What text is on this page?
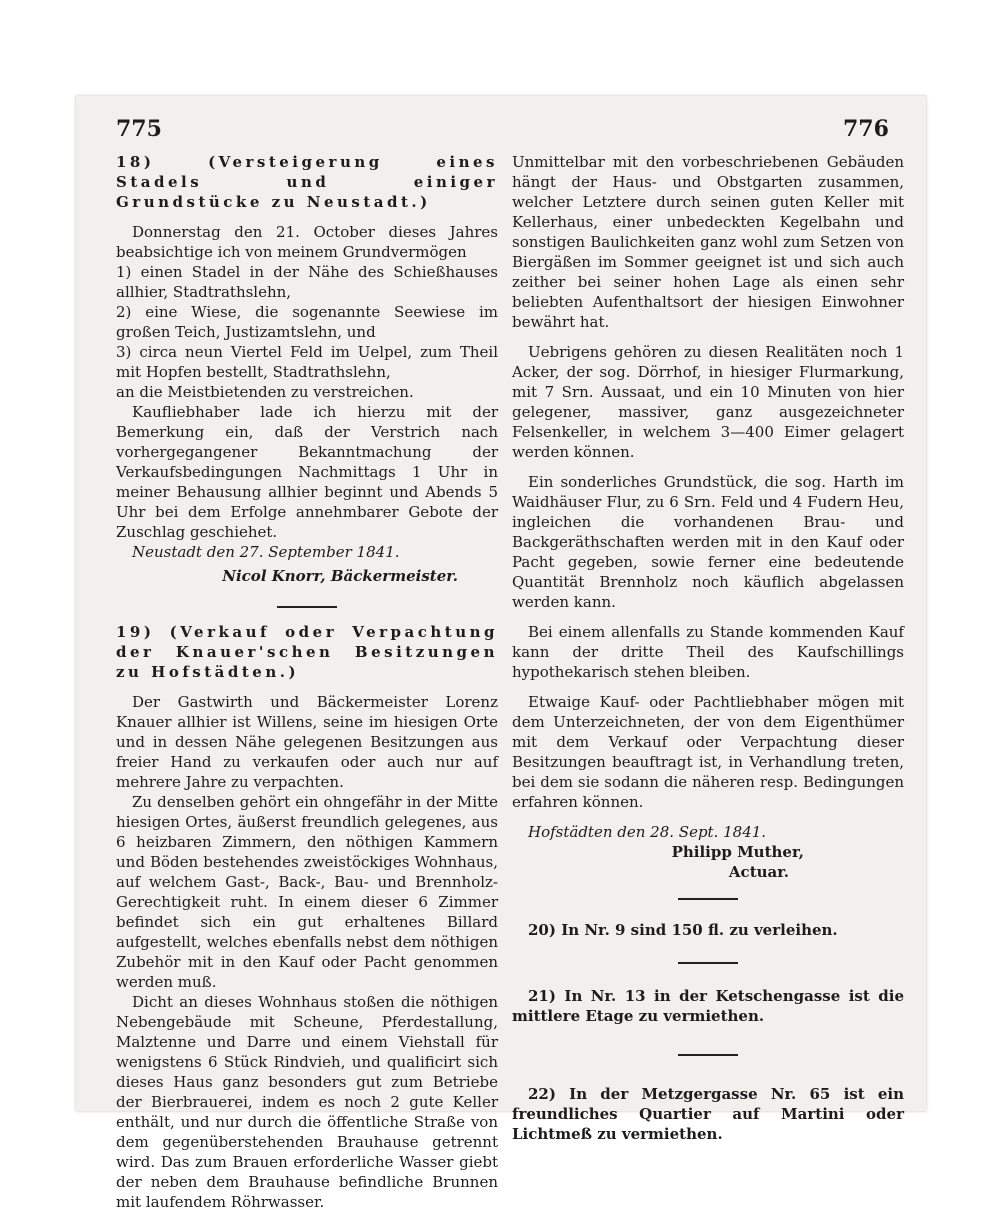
775	776

18) (Versteigerung eines Stadels und einiger Grundstücke zu Neustadt.)

Donnerstag den 21. October dieses Jahres beabsichtige ich von meinem Grundvermögen

1) einen Stadel in der Nähe des Schießhauses allhier, Stadtrathslehn,

2) eine Wiese, die sogenannte Seewiese im großen Teich, Justizamtslehn, und

3) circa neun Viertel Feld im Uelpel, zum Theil mit Hopfen bestellt, Stadtrathslehn,

an die Meistbietenden zu verstreichen.

Kaufliebhaber lade ich hierzu mit der Bemerkung ein, daß der Verstrich nach vorhergegangener Bekanntmachung der Verkaufsbedingungen Nachmittags 1 Uhr in meiner Behausung allhier beginnt und Abends 5 Uhr bei dem Erfolge annehmbarer Gebote der Zuschlag geschiehet.

Neustadt den 27. September 1841.

Nicol Knorr, Bäckermeister.

19) (Verkauf oder Verpachtung der Knauer'schen Besitzungen zu Hofstädten.)

Der Gastwirth und Bäckermeister Lorenz Knauer allhier ist Willens, seine im hiesigen Orte und in dessen Nähe gelegenen Besitzungen aus freier Hand zu verkaufen oder auch nur auf mehrere Jahre zu verpachten.

Zu denselben gehört ein ohngefähr in der Mitte hiesigen Ortes, äußerst freundlich gelegenes, aus 6 heizbaren Zimmern, den nöthigen Kammern und Böden bestehendes zweistöckiges Wohnhaus, auf welchem Gast-, Back-, Bau- und Brennholz-Gerechtigkeit ruht. In einem dieser 6 Zimmer befindet sich ein gut erhaltenes Billard aufgestellt, welches ebenfalls nebst dem nöthigen Zubehör mit in den Kauf oder Pacht genommen werden muß.

Dicht an dieses Wohnhaus stoßen die nöthigen Nebengebäude mit Scheune, Pferdestallung, Malztenne und Darre und einem Viehstall für wenigstens 6 Stück Rindvieh, und qualificirt sich dieses Haus ganz besonders gut zum Betriebe der Bierbrauerei, indem es noch 2 gute Keller enthält, und nur durch die öffentliche Straße von dem gegenüberstehenden Brauhause getrennt wird. Das zum Brauen erforderliche Wasser giebt der neben dem Brauhause befindliche Brunnen mit laufendem Röhrwasser.

Unmittelbar mit den vorbeschriebenen Gebäuden hängt der Haus- und Obstgarten zusammen, welcher Letztere durch seinen guten Keller mit Kellerhaus, einer unbedeckten Kegelbahn und sonstigen Baulichkeiten ganz wohl zum Setzen von Biergäßen im Sommer geeignet ist und sich auch zeither bei seiner hohen Lage als einen sehr beliebten Aufenthaltsort der hiesigen Einwohner bewährt hat.

Uebrigens gehören zu diesen Realitäten noch 1 Acker, der sog. Dörrhof, in hiesiger Flurmarkung, mit 7 Srn. Aussaat, und ein 10 Minuten von hier gelegener, massiver, ganz ausgezeichneter Felsenkeller, in welchem 3—400 Eimer gelagert werden können.

Ein sonderliches Grundstück, die sog. Harth im Waidhäuser Flur, zu 6 Srn. Feld und 4 Fudern Heu, ingleichen die vorhandenen Brau- und Backgeräthschaften werden mit in den Kauf oder Pacht gegeben, sowie ferner eine bedeutende Quantität Brennholz noch käuflich abgelassen werden kann.

Bei einem allenfalls zu Stande kommenden Kauf kann der dritte Theil des Kaufschillings hypothekarisch stehen bleiben.

Etwaige Kauf- oder Pachtliebhaber mögen mit dem Unterzeichneten, der von dem Eigenthümer mit dem Verkauf oder Verpachtung dieser Besitzungen beauftragt ist, in Verhandlung treten, bei dem sie sodann die näheren resp. Bedingungen erfahren können.

Hofstädten den 28. Sept. 1841.

Philipp Muther,

Actuar.

20) In Nr. 9 sind 150 fl. zu verleihen.

21) In Nr. 13 in der Ketschengasse ist die mittlere Etage zu vermiethen.

22) In der Metzgergasse Nr. 65 ist ein freundliches Quartier auf Martini oder Lichtmeß zu vermiethen.
